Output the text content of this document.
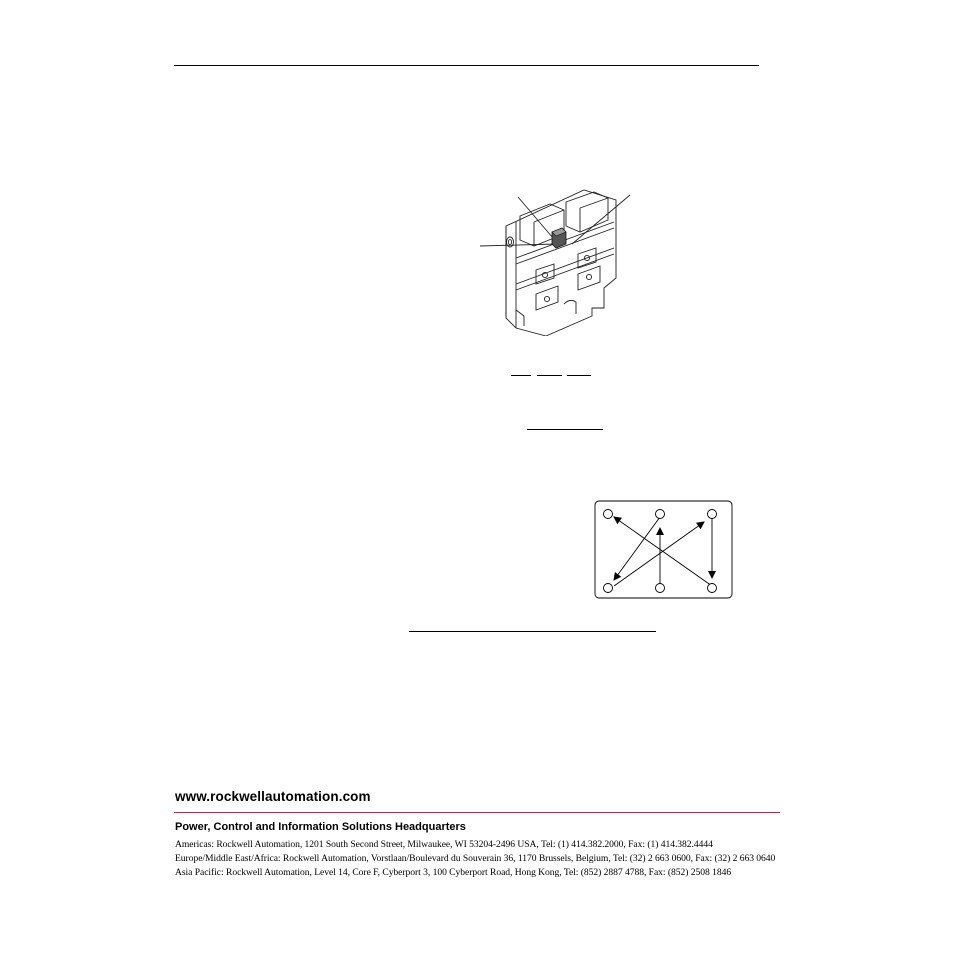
www.rockwellautomation.com
Power, Control and Information Solutions Headquarters
Americas: Rockwell Automation, 1201 South Second Street, Milwaukee, WI 53204-2496 USA, Tel: (1) 414.382.2000, Fax: (1) 414.382.4444
Europe/Middle East/Africa: Rockwell Automation, Vorstlaan/Boulevard du Souverain 36, 1170 Brussels, Belgium, Tel: (32) 2 663 0600, Fax: (32) 2 663 0640
Asia Pacific: Rockwell Automation, Level 14, Core F, Cyberport 3, 100 Cyberport Road, Hong Kong, Tel: (852) 2887 4788, Fax: (852) 2508 1846
